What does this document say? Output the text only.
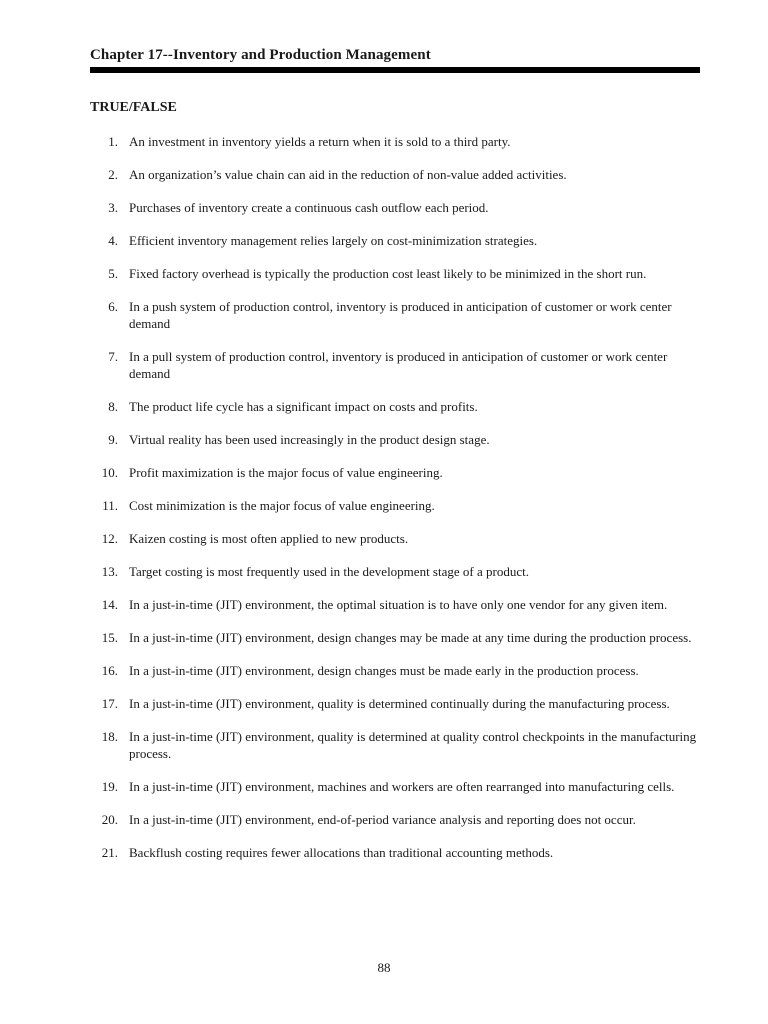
Chapter 17--Inventory and Production Management
TRUE/FALSE
1. An investment in inventory yields a return when it is sold to a third party.
2. An organization’s value chain can aid in the reduction of non-value added activities.
3. Purchases of inventory create a continuous cash outflow each period.
4. Efficient inventory management relies largely on cost-minimization strategies.
5. Fixed factory overhead is typically the production cost least likely to be minimized in the short run.
6. In a push system of production control, inventory is produced in anticipation of customer or work center demand
7. In a pull system of production control, inventory is produced in anticipation of customer or work center demand
8. The product life cycle has a significant impact on costs and profits.
9. Virtual reality has been used increasingly in the product design stage.
10. Profit maximization is the major focus of value engineering.
11. Cost minimization is the major focus of value engineering.
12. Kaizen costing is most often applied to new products.
13. Target costing is most frequently used in the development stage of a product.
14. In a just-in-time (JIT) environment, the optimal situation is to have only one vendor for any given item.
15. In a just-in-time (JIT) environment, design changes may be made at any time during the production process.
16. In a just-in-time (JIT) environment, design changes must be made early in the production process.
17. In a just-in-time (JIT) environment, quality is determined continually during the manufacturing process.
18. In a just-in-time (JIT) environment, quality is determined at quality control checkpoints in the manufacturing process.
19. In a just-in-time (JIT) environment, machines and workers are often rearranged into manufacturing cells.
20. In a just-in-time (JIT) environment, end-of-period variance analysis and reporting does not occur.
21. Backflush costing requires fewer allocations than traditional accounting methods.
88
